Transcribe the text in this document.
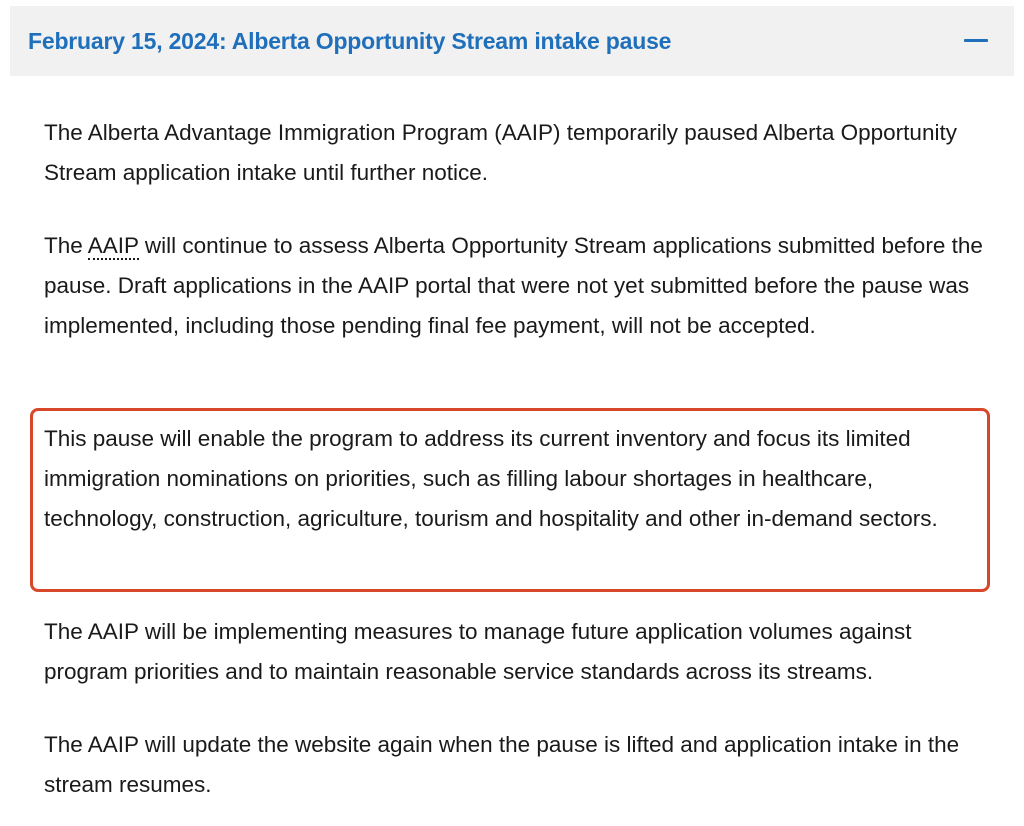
February 15, 2024: Alberta Opportunity Stream intake pause

The Alberta Advantage Immigration Program (AAIP) temporarily paused Alberta Opportunity Stream application intake until further notice.

The AAIP will continue to assess Alberta Opportunity Stream applications submitted before the pause. Draft applications in the AAIP portal that were not yet submitted before the pause was implemented, including those pending final fee payment, will not be accepted.

This pause will enable the program to address its current inventory and focus its limited immigration nominations on priorities, such as filling labour shortages in healthcare, technology, construction, agriculture, tourism and hospitality and other in-demand sectors.

The AAIP will be implementing measures to manage future application volumes against program priorities and to maintain reasonable service standards across its streams.

The AAIP will update the website again when the pause is lifted and application intake in the stream resumes.
